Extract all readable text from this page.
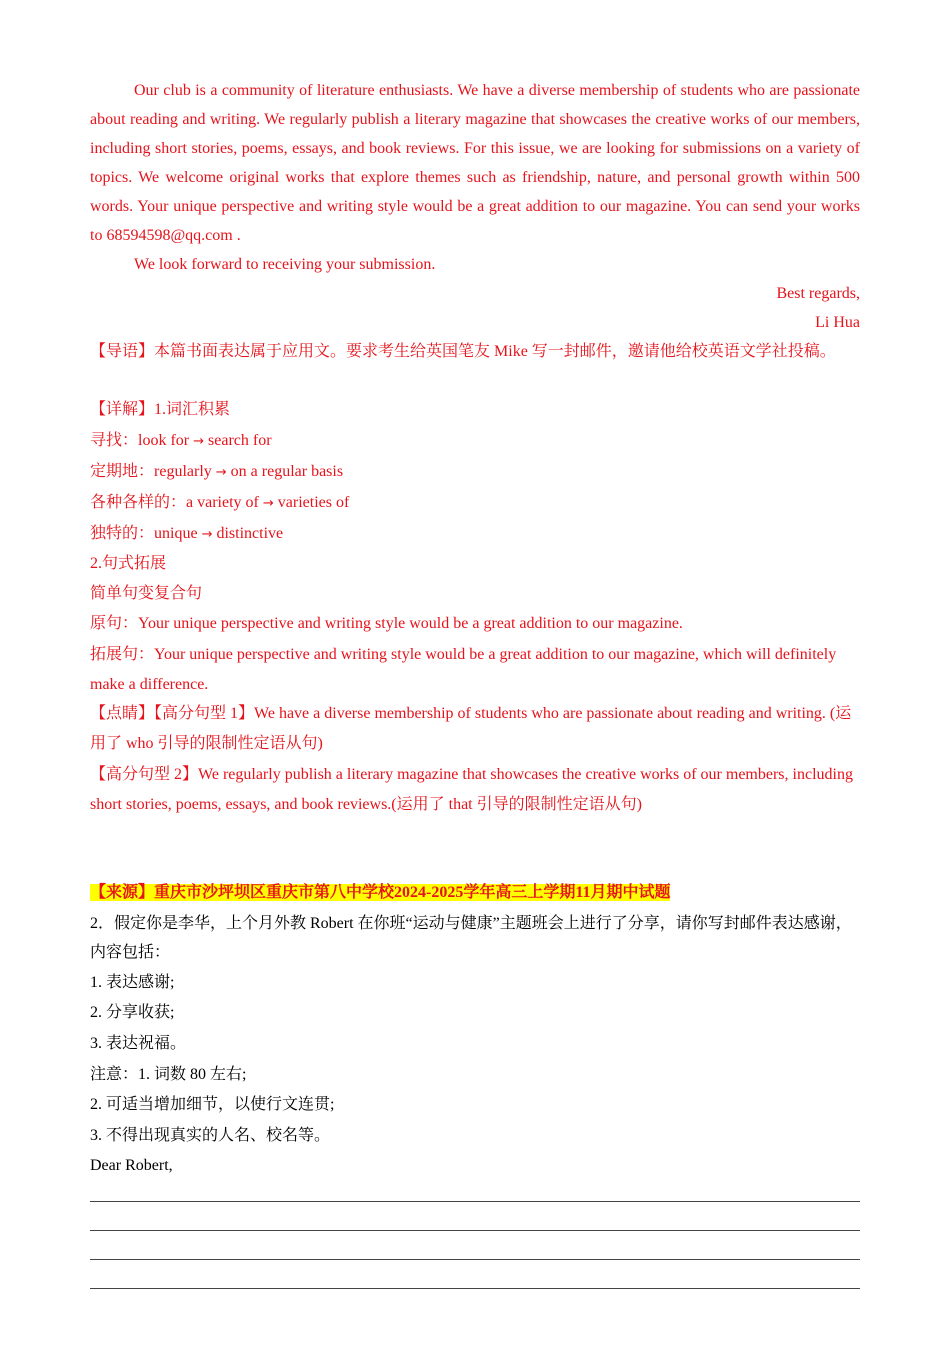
Our club is a community of literature enthusiasts. We have a diverse membership of students who are passionate about reading and writing. We regularly publish a literary magazine that showcases the creative works of our members, including short stories, poems, essays, and book reviews. For this issue, we are looking for submissions on a variety of topics. We welcome original works that explore themes such as friendship, nature, and personal growth within 500 words. Your unique perspective and writing style would be a great addition to our magazine. You can send your works to 68594598@qq.com .

We look forward to receiving your submission.

Best regards,

Li Hua

【导语】本篇书面表达属于应用文。要求考生给英国笔友 Mike 写一封邮件，邀请他给校英语文学社投稿。
【详解】1.词汇积累
寻找：look for → search for
定期地：regularly → on a regular basis
各种各样的：a variety of → varieties of
独特的：unique → distinctive
2.句式拓展
简单句变复合句
原句：Your unique perspective and writing style would be a great addition to our magazine.
拓展句：Your unique perspective and writing style would be a great addition to our magazine, which will definitely make a difference.
【点睛】【高分句型 1】We have a diverse membership of students who are passionate about reading and writing. (运用了 who 引导的限制性定语从句)
【高分句型 2】We regularly publish a literary magazine that showcases the creative works of our members, including short stories, poems, essays, and book reviews.(运用了 that 引导的限制性定语从句)
【来源】重庆市沙坪坝区重庆市第八中学校2024-2025学年高三上学期11月期中试题
2．假定你是李华，上个月外教 Robert 在你班“运动与健康”主题班会上进行了分享，请你写封邮件表达感谢，内容包括：
1. 表达感谢;
2. 分享收获;
3. 表达祝福。
注意：1. 词数 80 左右;
2. 可适当增加细节，以使行文连贯;
3. 不得出现真实的人名、校名等。
Dear Robert,
